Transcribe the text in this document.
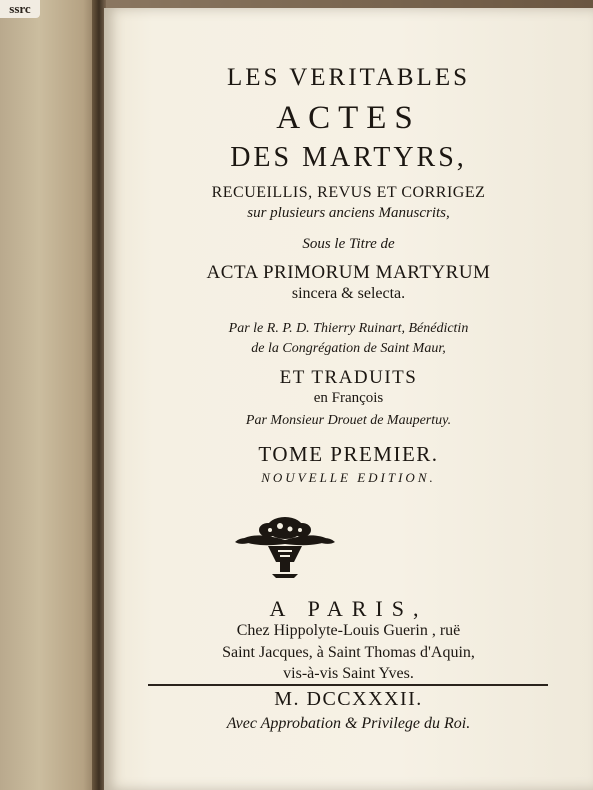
ssrc
LES VERITABLES
ACTES
DES MARTYRS,
RECUEILLIS, REVUS ET CORRIGEZ
sur plusieurs anciens Manuscrits,
Sous le Titre de
ACTA PRIMORUM MARTYRUM
sincera & selecta.
Par le R. P. D. Thierry Ruinart, Bénédictin
de la Congrégation de Saint Maur,
ET TRADUITS
en François
Par Monsieur Drouet de Maupertuy.
TOME PREMIER.
NOUVELLE EDITION.
A PARIS,
Chez Hippolyte-Louis Guerin , ruë
Saint Jacques, à Saint Thomas d'Aquin,
vis-à-vis Saint Yves.
M. DCCXXXII.
Avec Approbation & Privilege du Roi.
